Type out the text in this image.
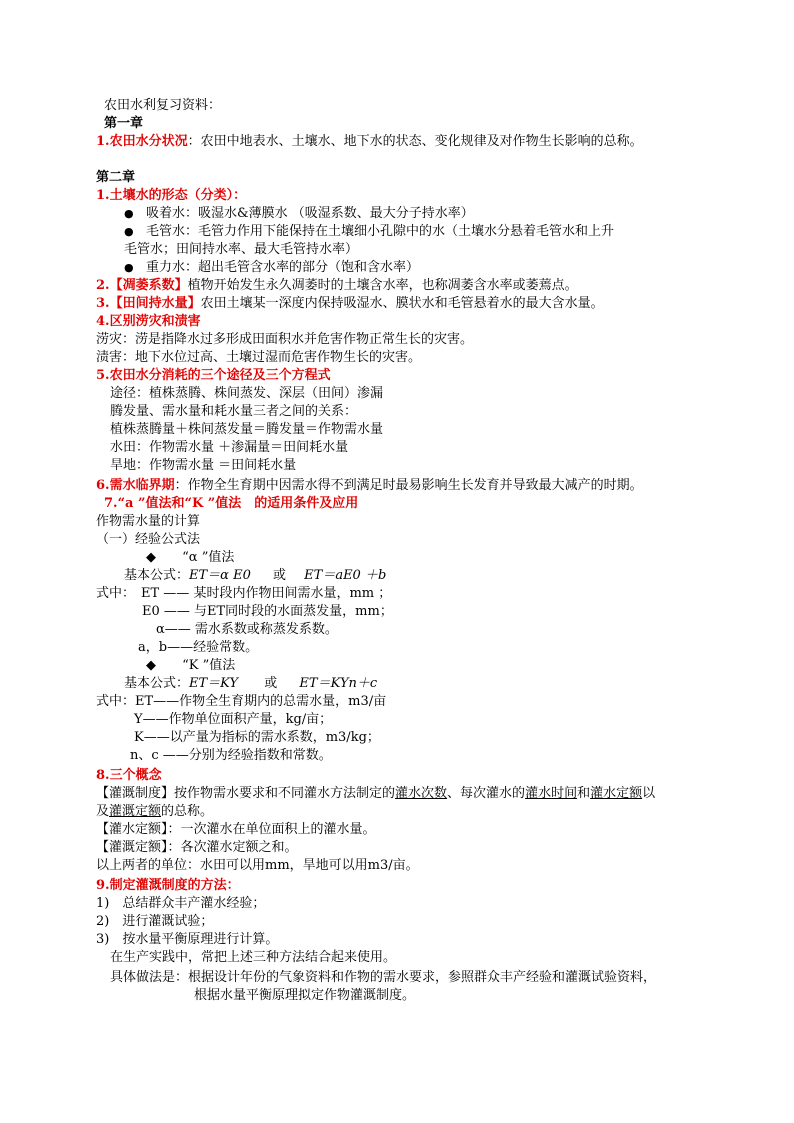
农田水利复习资料：
第一章
1.农田水分状况：农田中地表水、土壤水、地下水的状态、变化规律及对作物生长影响的总称。
第二章
1.土壤水的形态（分类）：
● 吸着水：吸湿水&薄膜水 （吸湿系数、最大分子持水率）
● 毛管水：毛管力作用下能保持在土壤细小孔隙中的水（土壤水分悬着毛管水和上升
毛管水；田间持水率、最大毛管持水率）
● 重力水：超出毛管含水率的部分（饱和含水率）
2.【凋萎系数】植物开始发生永久凋萎时的土壤含水率，也称凋萎含水率或萎蔫点。
3.【田间持水量】农田土壤某一深度内保持吸湿水、膜状水和毛管悬着水的最大含水量。
4.区别涝灾和渍害
涝灾：涝是指降水过多形成田面积水并危害作物正常生长的灾害。
渍害：地下水位过高、土壤过湿而危害作物生长的灾害。
5.农田水分消耗的三个途径及三个方程式
途径：植株蒸腾、株间蒸发、深层（田间）渗漏
腾发量、需水量和耗水量三者之间的关系：
植株蒸腾量＋株间蒸发量＝腾发量＝作物需水量
水田：作物需水量 ＋渗漏量＝田间耗水量
旱地：作物需水量 ＝田间耗水量
6.需水临界期：作物全生育期中因需水得不到满足时最易影响生长发育并导致最大减产的时期。
7.“a ”值法和“K ”值法　的适用条件及应用
作物需水量的计算
（一）经验公式法
◆ “α ”值法
基本公式：ET＝α E0 或 ET＝aE0 ＋b
式中： ET —— 某时段内作物田间需水量，mm ；
E0 —— 与ET同时段的水面蒸发量，mm；
α—— 需水系数或称蒸发系数。
a，b——经验常数。
◆ “K ”值法
基本公式：ET＝KY 或 ET＝KYn＋c
式中：ET——作物全生育期内的总需水量，m3/亩
Y——作物单位面积产量，kg/亩；
K——以产量为指标的需水系数，m3/kg；
n、c ——分别为经验指数和常数。
8.三个概念
【灌溉制度】按作物需水要求和不同灌水方法制定的灌水次数、每次灌水的灌水时间和灌水定额以
及灌溉定额的总称。
【灌水定额】：一次灌水在单位面积上的灌水量。
【灌溉定额】：各次灌水定额之和。
以上两者的单位：水田可以用mm，旱地可以用m3/亩。
9.制定灌溉制度的方法：
1)　总结群众丰产灌水经验；
2)　进行灌溉试验；
3)　按水量平衡原理进行计算。
在生产实践中，常把上述三种方法结合起来使用。
具体做法是：根据设计年份的气象资料和作物的需水要求，参照群众丰产经验和灌溉试验资料，
根据水量平衡原理拟定作物灌溉制度。
